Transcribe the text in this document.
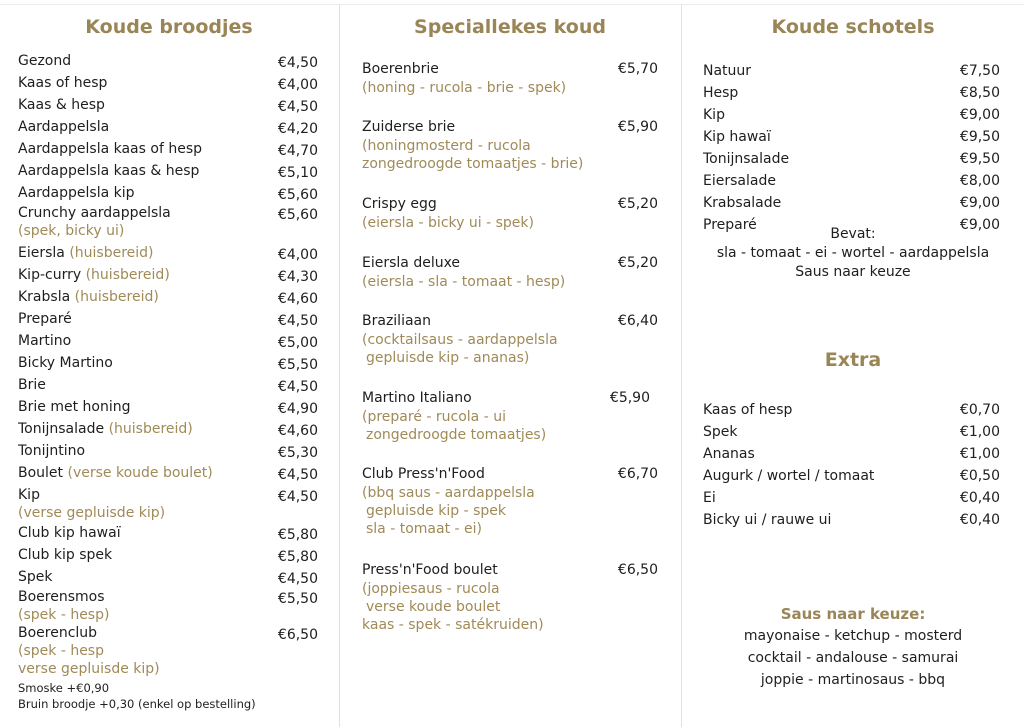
Koude broodjes
Gezond	€4,50
Kaas of hesp	€4,00
Kaas & hesp	€4,50
Aardappelsla	€4,20
Aardappelsla kaas of hesp	€4,70
Aardappelsla kaas & hesp	€5,10
Aardappelsla kip	€5,60
Crunchy aardappelsla	€5,60
(spek, bicky ui)
Eiersla (huisbereid)	€4,00
Kip-curry (huisbereid)	€4,30
Krabsla (huisbereid)	€4,60
Preparé	€4,50
Martino	€5,00
Bicky Martino	€5,50
Brie	€4,50
Brie met honing	€4,90
Tonijnsalade (huisbereid)	€4,60
Tonijntino	€5,30
Boulet (verse koude boulet)	€4,50
Kip	€4,50
(verse gepluisde kip)
Club kip hawaï	€5,80
Club kip spek	€5,80
Spek	€4,50
Boerensmos	€5,50
(spek - hesp)
Boerenclub	€6,50
(spek - hesp
verse gepluisde kip)
Smoske +€0,90
Bruin broodje +0,30 (enkel op bestelling)
Speciallekes koud
Boerenbrie	€5,70
(honing - rucola - brie - spek)
Zuiderse brie	€5,90
(honingmosterd - rucola
zongedroogde tomaatjes - brie)
Crispy egg	€5,20
(eiersla - bicky ui - spek)
Eiersla deluxe	€5,20
(eiersla - sla - tomaat - hesp)
Braziliaan	€6,40
(cocktailsaus - aardappelsla
gepluisde kip - ananas)
Martino Italiano	€5,90
(preparé - rucola - ui
zongedroogde tomaatjes)
Club Press'n'Food	€6,70
(bbq saus - aardappelsla
gepluisde kip - spek
sla - tomaat - ei)
Press'n'Food boulet	€6,50
(joppiesaus - rucola
verse koude boulet
kaas - spek - satékruiden)
Koude schotels
Natuur	€7,50
Hesp	€8,50
Kip	€9,00
Kip hawaï	€9,50
Tonijnsalade	€9,50
Eiersalade	€8,00
Krabsalade	€9,00
Preparé	€9,00
Bevat:
sla - tomaat - ei - wortel - aardappelsla
Saus naar keuze
Extra
Kaas of hesp	€0,70
Spek	€1,00
Ananas	€1,00
Augurk / wortel / tomaat	€0,50
Ei	€0,40
Bicky ui / rauwe ui	€0,40
Saus naar keuze:
mayonaise - ketchup - mosterd
cocktail - andalouse - samurai
joppie - martinosaus - bbq
